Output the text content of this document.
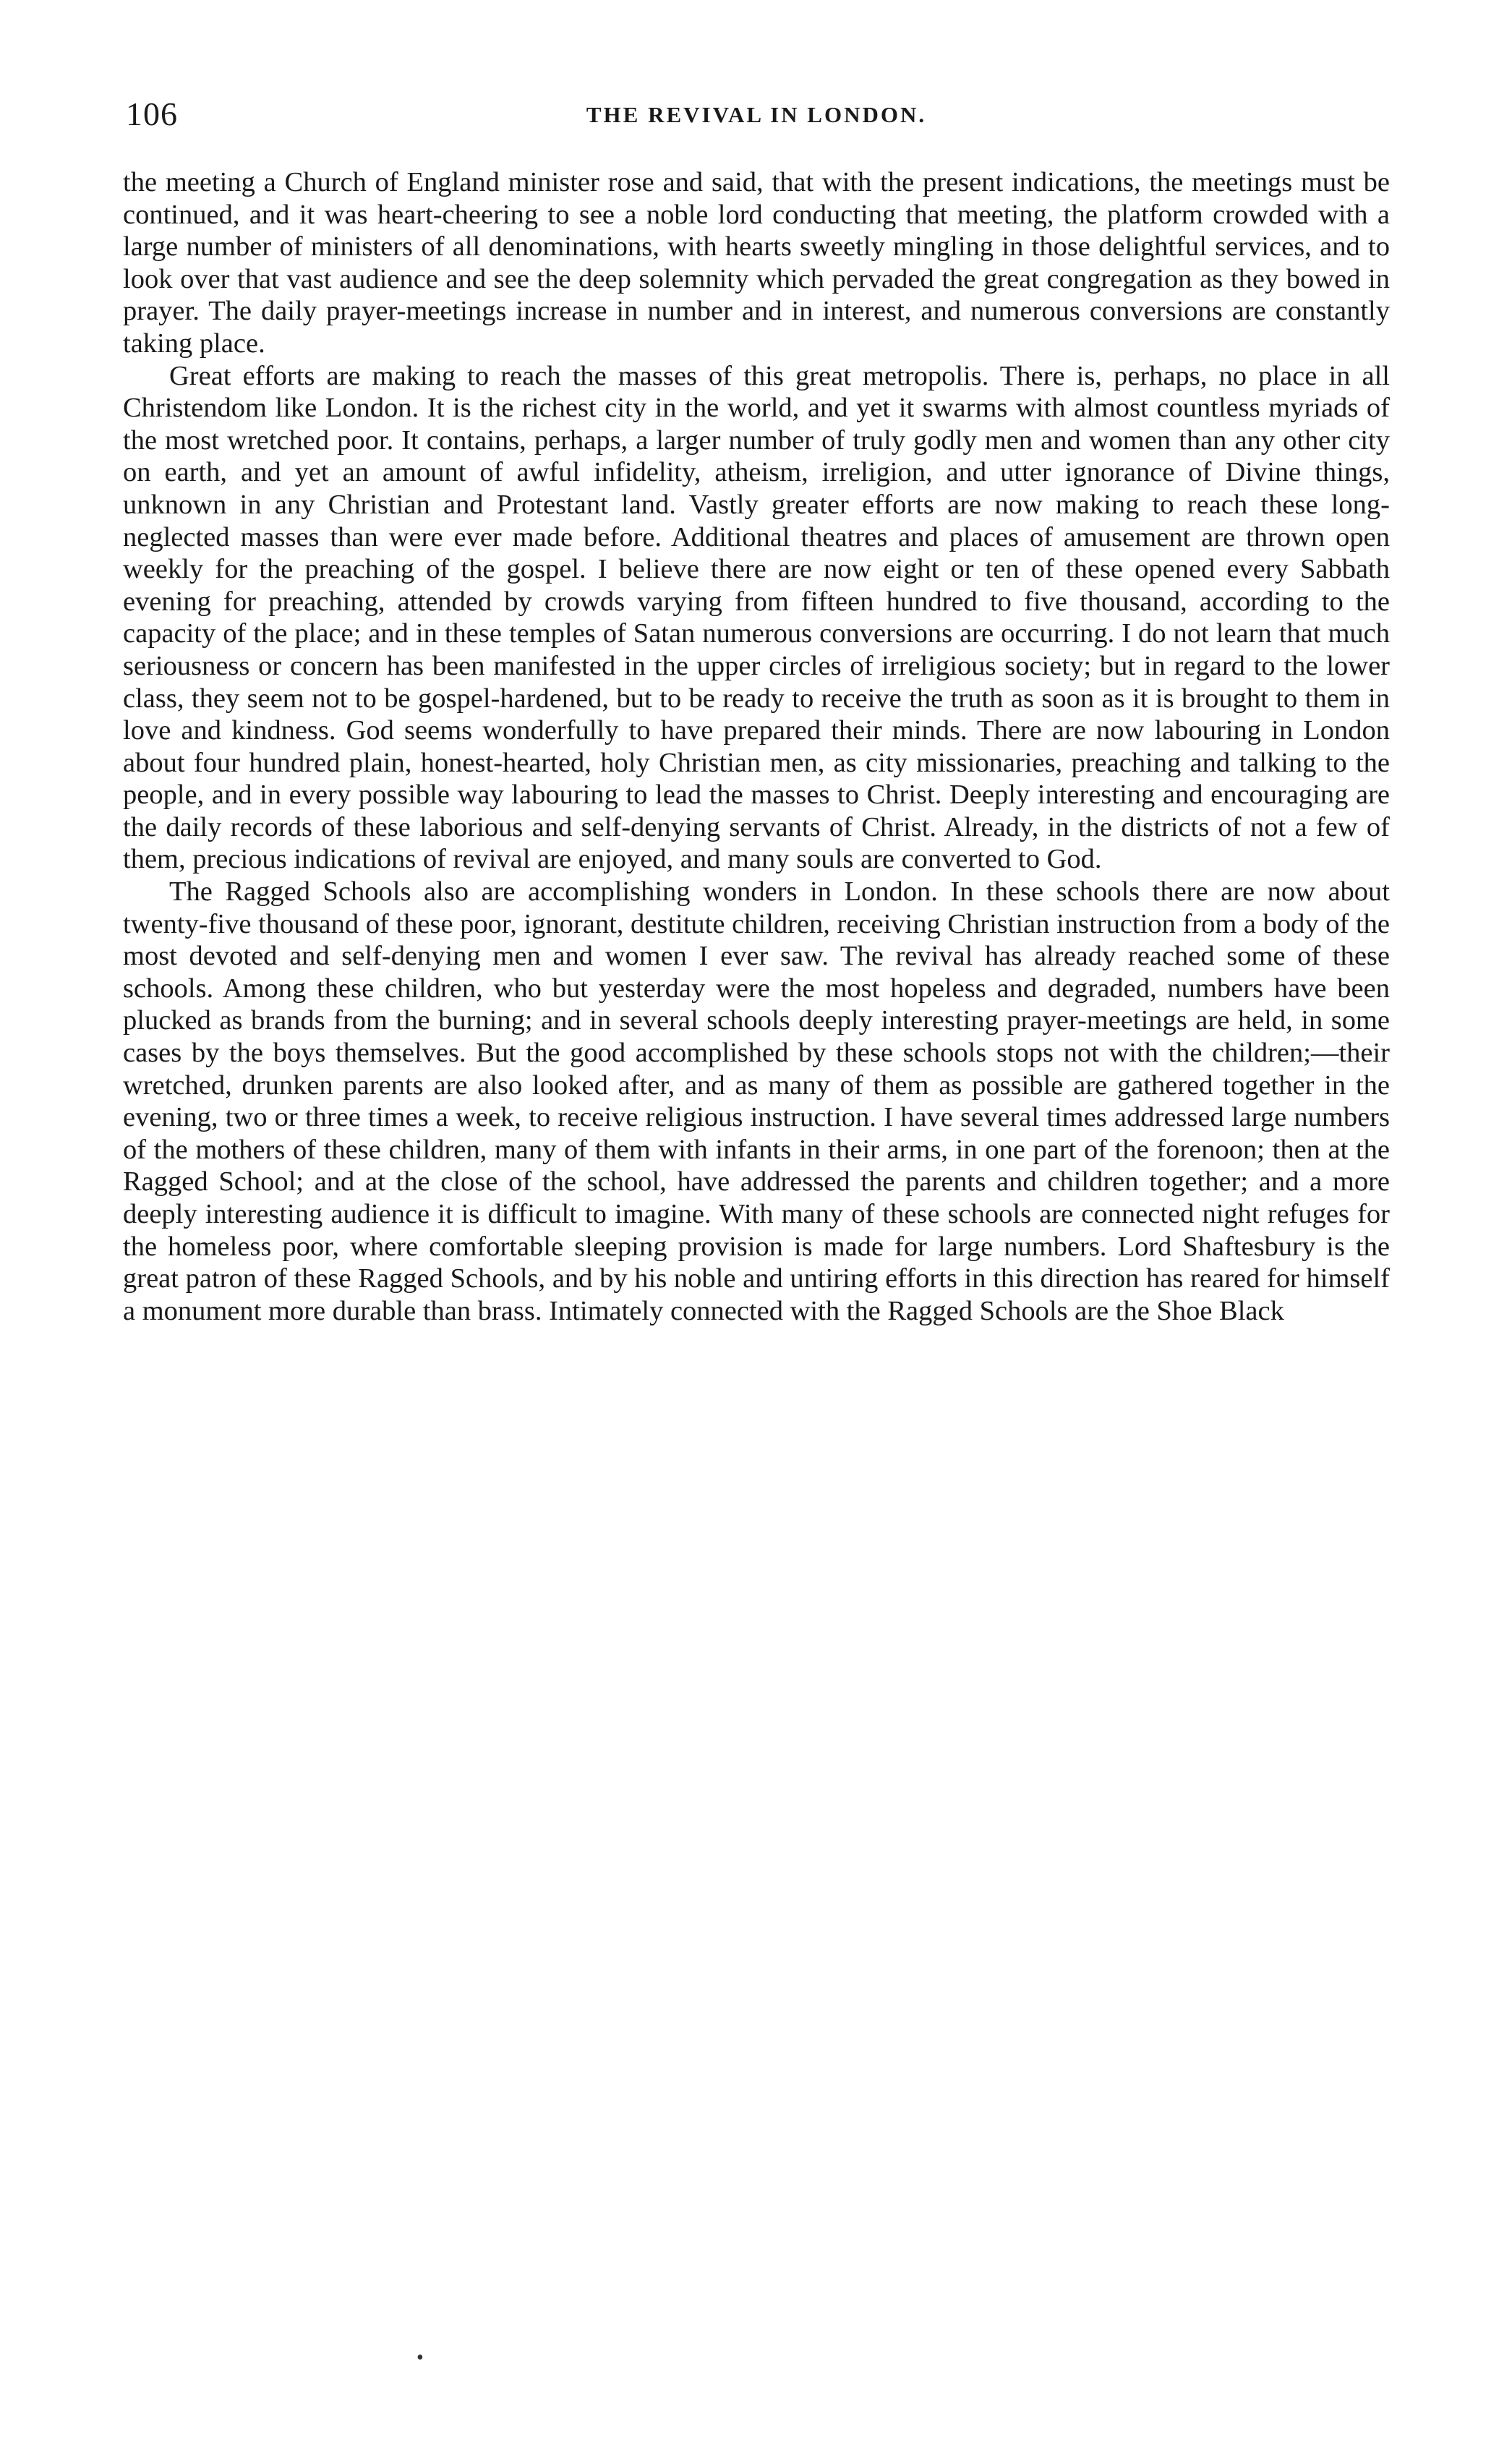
106	THE REVIVAL IN LONDON.

the meeting a Church of England minister rose and said, that with the present indications, the meetings must be continued, and it was heart-cheering to see a noble lord conducting that meeting, the platform crowded with a large number of ministers of all denominations, with hearts sweetly mingling in those delightful services, and to look over that vast audience and see the deep solemnity which pervaded the great congregation as they bowed in prayer. The daily prayer-meetings increase in number and in interest, and numerous conversions are constantly taking place.

Great efforts are making to reach the masses of this great metropolis. There is, perhaps, no place in all Christendom like London. It is the richest city in the world, and yet it swarms with almost countless myriads of the most wretched poor. It contains, perhaps, a larger number of truly godly men and women than any other city on earth, and yet an amount of awful infidelity, atheism, irreligion, and utter ignorance of Divine things, unknown in any Christian and Protestant land. Vastly greater efforts are now making to reach these long-neglected masses than were ever made before. Additional theatres and places of amusement are thrown open weekly for the preaching of the gospel. I believe there are now eight or ten of these opened every Sabbath evening for preaching, attended by crowds varying from fifteen hundred to five thousand, according to the capacity of the place; and in these temples of Satan numerous conversions are occurring. I do not learn that much seriousness or concern has been manifested in the upper circles of irreligious society; but in regard to the lower class, they seem not to be gospel-hardened, but to be ready to receive the truth as soon as it is brought to them in love and kindness. God seems wonderfully to have prepared their minds. There are now labouring in London about four hundred plain, honest-hearted, holy Christian men, as city missionaries, preaching and talking to the people, and in every possible way labouring to lead the masses to Christ. Deeply interesting and encouraging are the daily records of these laborious and self-denying servants of Christ. Already, in the districts of not a few of them, precious indications of revival are enjoyed, and many souls are converted to God.

The Ragged Schools also are accomplishing wonders in London. In these schools there are now about twenty-five thousand of these poor, ignorant, destitute children, receiving Christian instruction from a body of the most devoted and self-denying men and women I ever saw. The revival has already reached some of these schools. Among these children, who but yesterday were the most hopeless and degraded, numbers have been plucked as brands from the burning; and in several schools deeply interesting prayer-meetings are held, in some cases by the boys themselves. But the good accomplished by these schools stops not with the children;—their wretched, drunken parents are also looked after, and as many of them as possible are gathered together in the evening, two or three times a week, to receive religious instruction. I have several times addressed large numbers of the mothers of these children, many of them with infants in their arms, in one part of the forenoon; then at the Ragged School; and at the close of the school, have addressed the parents and children together; and a more deeply interesting audience it is difficult to imagine. With many of these schools are connected night refuges for the homeless poor, where comfortable sleeping provision is made for large numbers. Lord Shaftesbury is the great patron of these Ragged Schools, and by his noble and untiring efforts in this direction has reared for himself a monument more durable than brass. Intimately connected with the Ragged Schools are the Shoe Black

•
